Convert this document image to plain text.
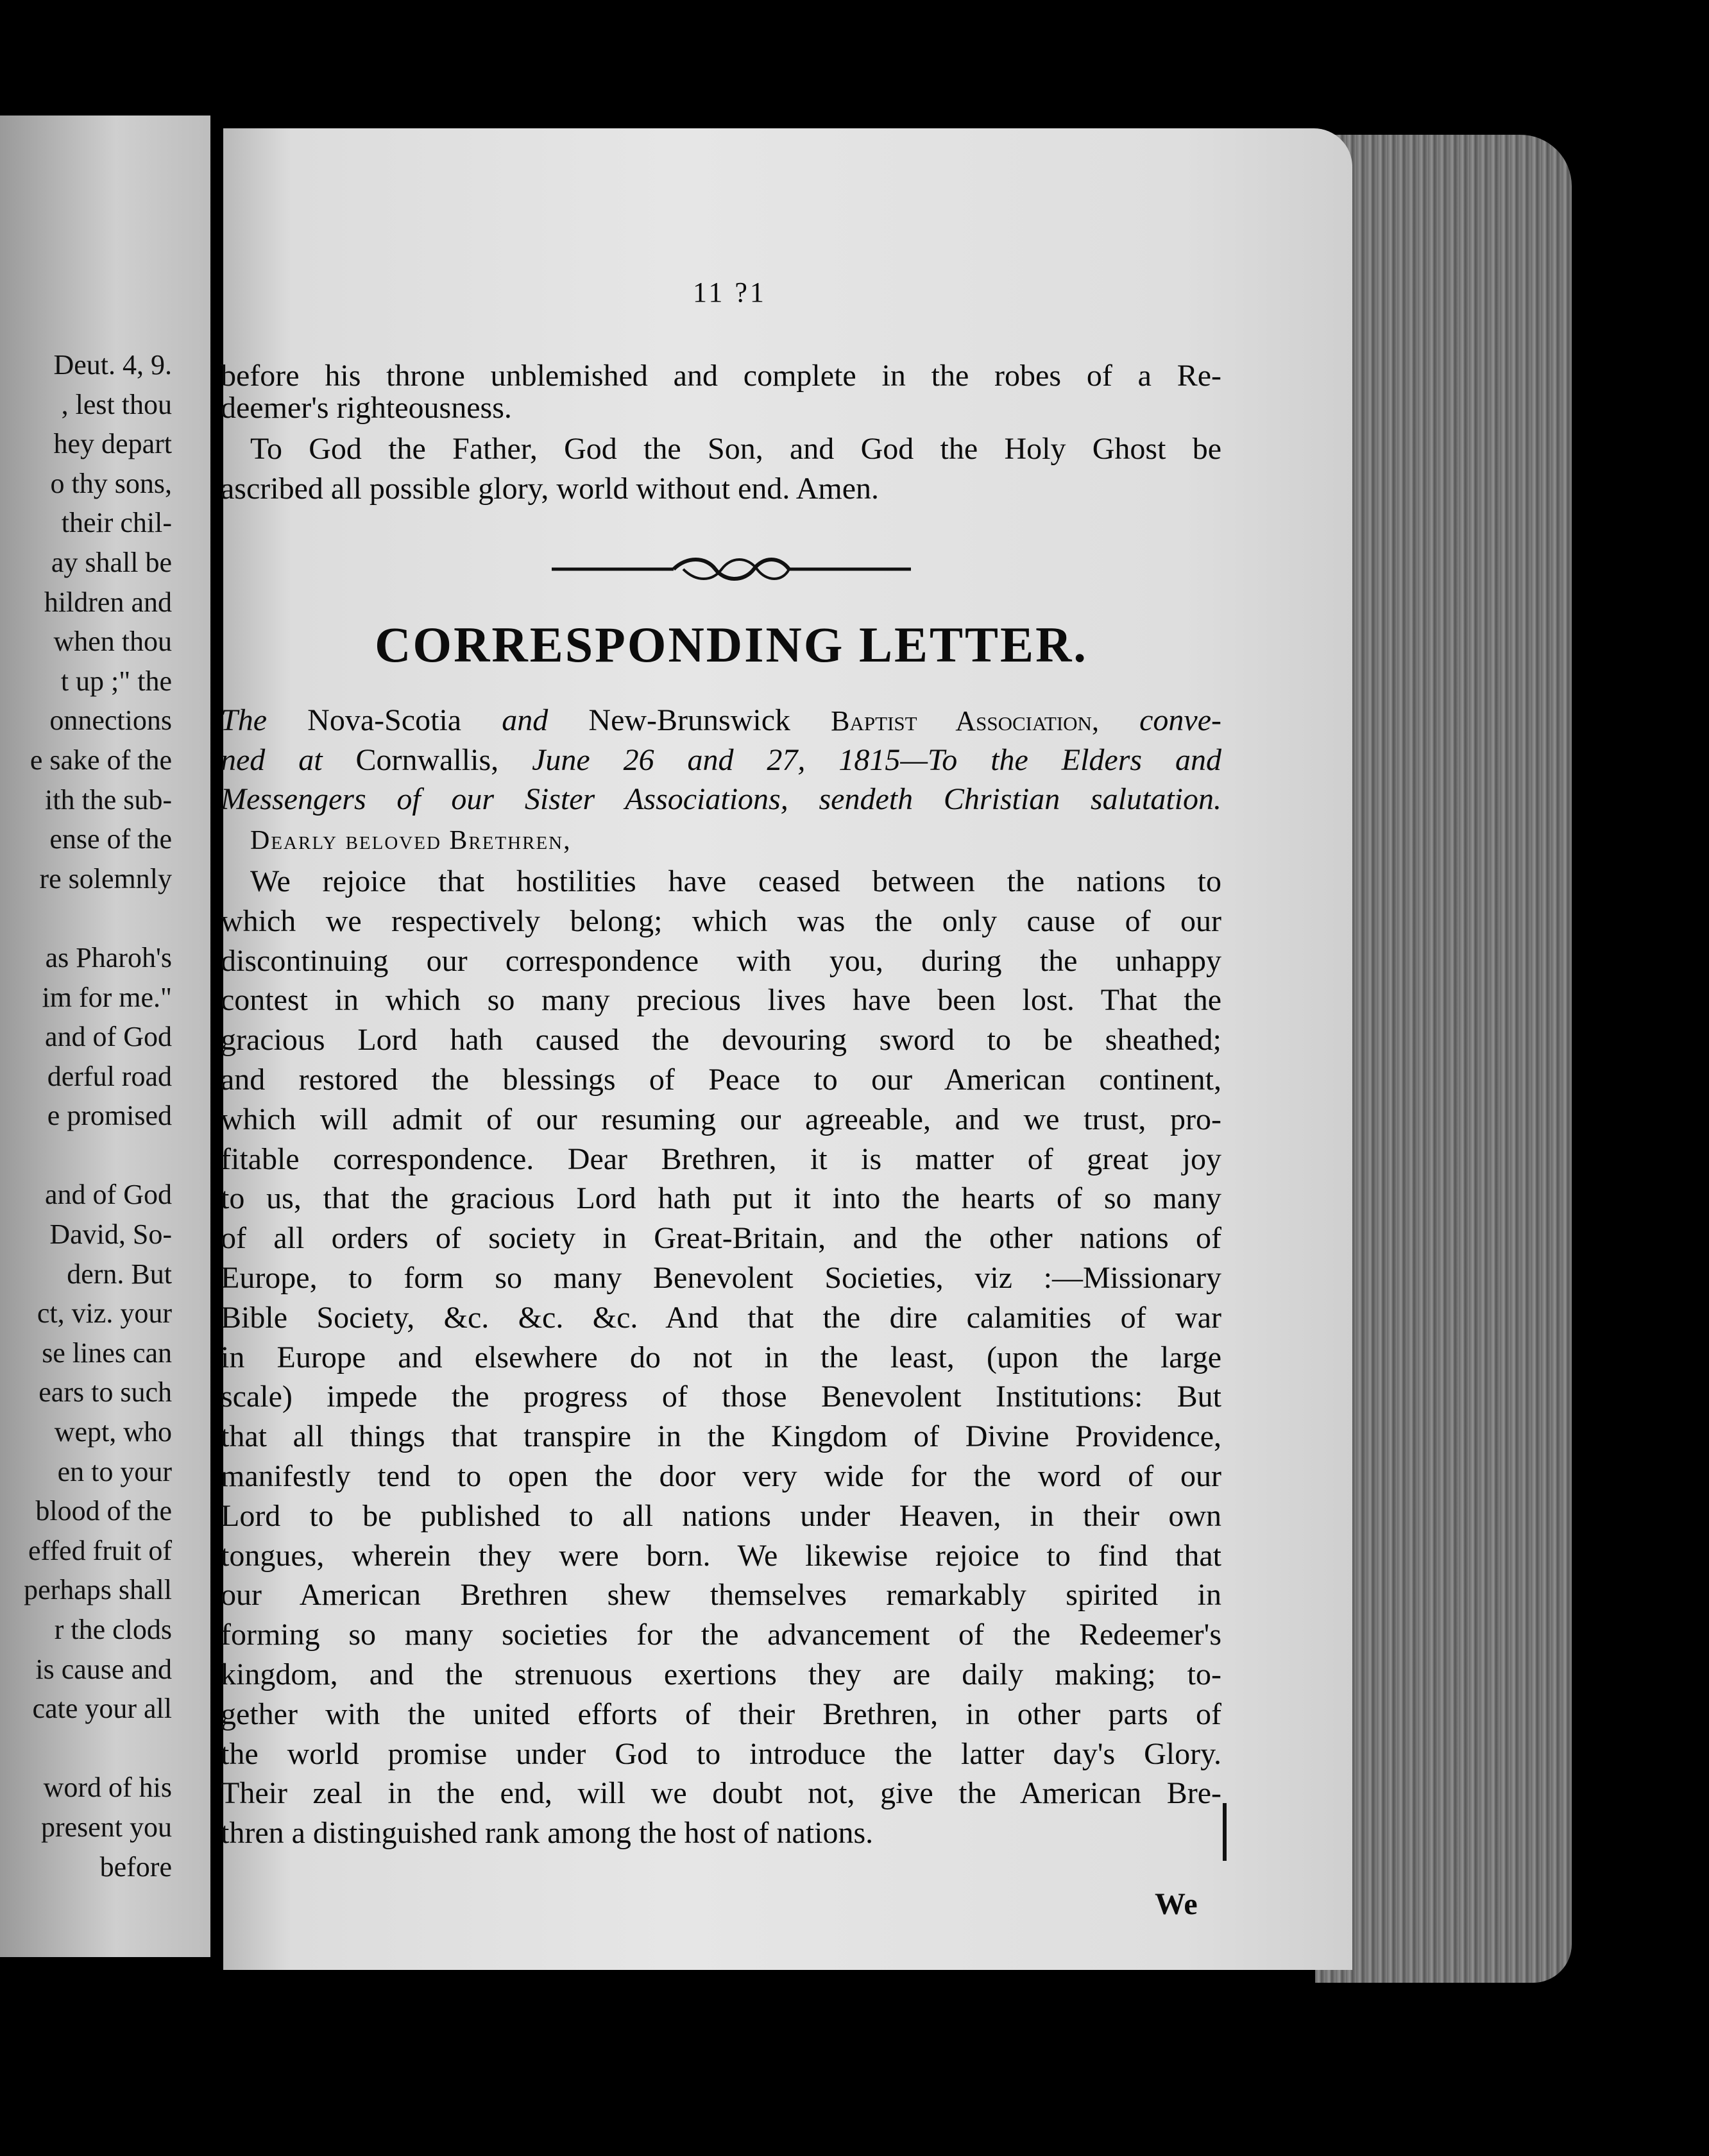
Deut. 4, 9.
, lest thou
hey depart
o thy sons,
their chil-
ay shall be
hildren and
when thou
t up ;" the
onnections
e sake of the
ith the sub-
ense of the
re solemnly
as Pharoh's
im for me."
and of God
derful road
e promised
and of God
David, So-
dern. But
ct, viz. your
se lines can
ears to such
wept, who
en to your
blood of the
effed fruit of
perhaps shall
r the clods
is cause and
cate your all
word of his
present you
before
11 ?1
before his throne unblemished and complete in the robes of a Re-
deemer's righteousness.
To God the Father, God the Son, and God the Holy Ghost be
ascribed all possible glory, world without end. Amen.
CORRESPONDING LETTER.
The Nova-Scotia and New-Brunswick Baptist Association, conve-
ned at Cornwallis, June 26 and 27, 1815—To the Elders and
Messengers of our Sister Associations, sendeth Christian salutation.
Dearly beloved Brethren,
We rejoice that hostilities have ceased between the nations to
which we respectively belong; which was the only cause of our
discontinuing our correspondence with you, during the unhappy
contest in which so many precious lives have been lost. That the
gracious Lord hath caused the devouring sword to be sheathed;
and restored the blessings of Peace to our American continent,
which will admit of our resuming our agreeable, and we trust, pro-
fitable correspondence. Dear Brethren, it is matter of great joy
to us, that the gracious Lord hath put it into the hearts of so many
of all orders of society in Great-Britain, and the other nations of
Europe, to form so many Benevolent Societies, viz :—Missionary
Bible Society, &c. &c. &c. And that the dire calamities of war
in Europe and elsewhere do not in the least, (upon the large
scale) impede the progress of those Benevolent Institutions: But
that all things that transpire in the Kingdom of Divine Providence,
manifestly tend to open the door very wide for the word of our
Lord to be published to all nations under Heaven, in their own
tongues, wherein they were born. We likewise rejoice to find that
our American Brethren shew themselves remarkably spirited in
forming so many societies for the advancement of the Redeemer's
kingdom, and the strenuous exertions they are daily making; to-
gether with the united efforts of their Brethren, in other parts of
the world promise under God to introduce the latter day's Glory.
Their zeal in the end, will we doubt not, give the American Bre-
thren a distinguished rank among the host of nations.
We
